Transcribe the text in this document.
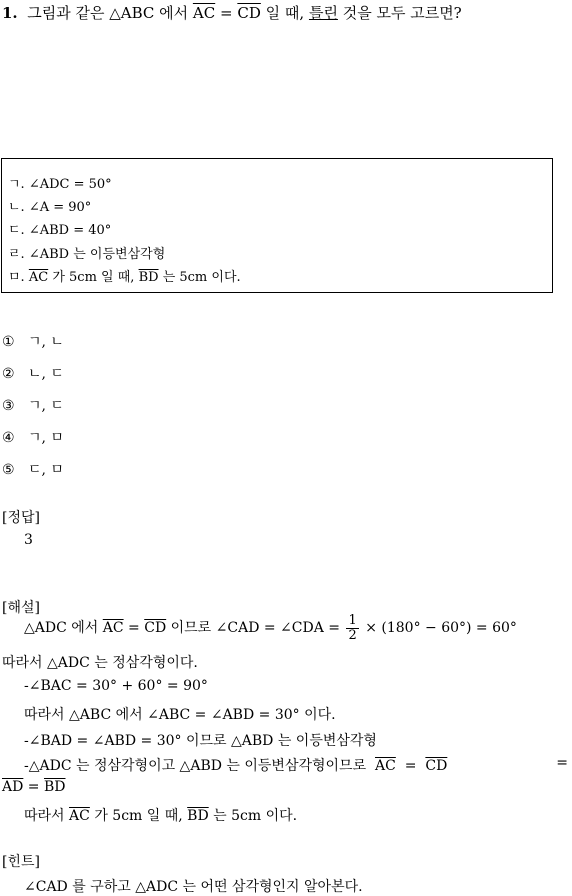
1. 그림과 같은 △ABC 에서 $\overline{AC} = \overline{CD}$ 일 때, 틀린 것을 모두 고르면?
ㄱ. ∠ADC = 50°
ㄴ. ∠A = 90°
ㄷ. ∠ABD = 40°
ㄹ. ∠ABD 는 이등변삼각형
ㅁ. $\overline{AC}$ 가 5cm 일 때, $\overline{BD}$ 는 5cm 이다.
① ㄱ, ㄴ
② ㄴ, ㄷ
③ ㄱ, ㄷ
④ ㄱ, ㅁ
⑤ ㄷ, ㅁ
[정답]
3
[해설]
△ADC 에서 $\overline{AC} = \overline{CD}$ 이므로 ∠CAD = ∠CDA = $\frac{1}{2} \times (180^\circ - 60^\circ) = 60^\circ$
따라서 △ADC 는 정삼각형이다.
-∠BAC = 30° + 60° = 90°
따라서 △ABC 에서 ∠ABC = ∠ABD = 30° 이다.
-∠BAD = ∠ABD = 30° 이므로 △ABD 는 이등변삼각형
-△ADC 는 정삼각형이고 △ABD 는 이등변삼각형이므로 $\overline{AC} = \overline{CD}$	=
$\overline{AD} = \overline{BD}$
따라서 $\overline{AC}$ 가 5cm 일 때, $\overline{BD}$ 는 5cm 이다.
[힌트]
∠CAD 를 구하고 △ADC 는 어떤 삼각형인지 알아본다.
